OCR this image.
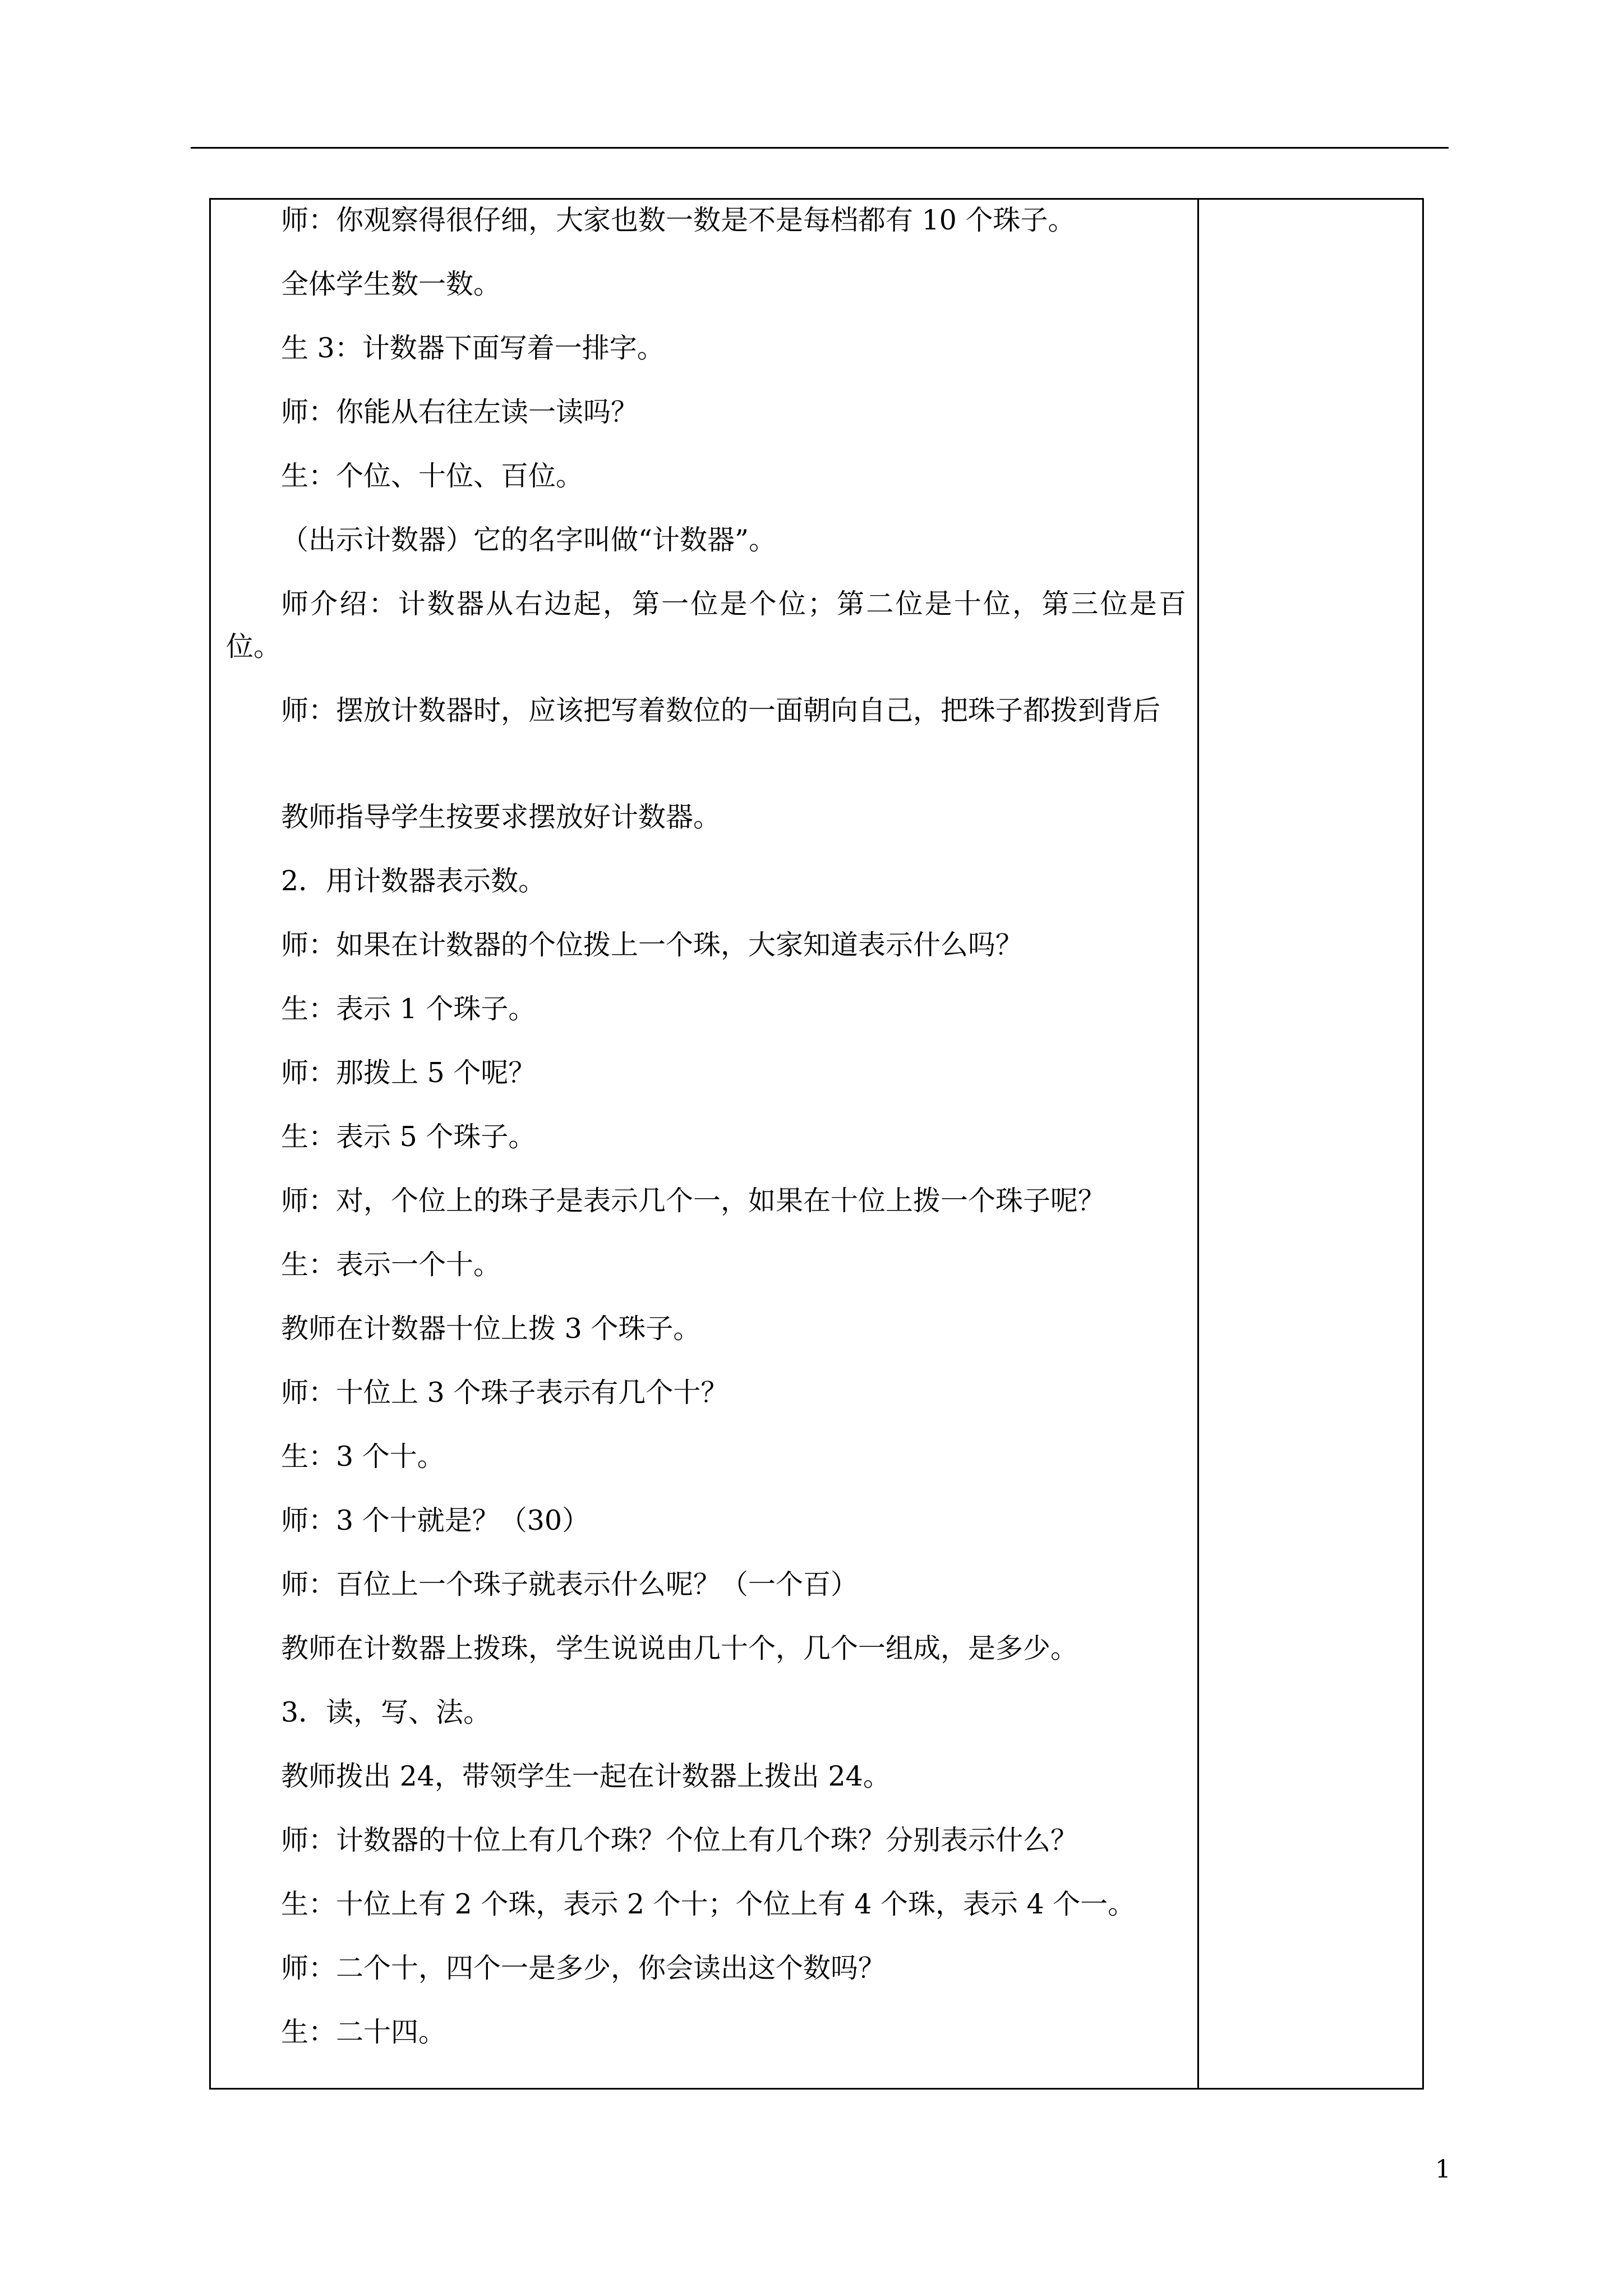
师：你观察得很仔细，大家也数一数是不是每档都有 10 个珠子。

全体学生数一数。

生 3：计数器下面写着一排字。

师：你能从右往左读一读吗？

生：个位、十位、百位。

（出示计数器）它的名字叫做“计数器”。

师介绍：计数器从右边起，第一位是个位；第二位是十位，第三位是百位。

师：摆放计数器时，应该把写着数位的一面朝向自己，把珠子都拨到背后

教师指导学生按要求摆放好计数器。

2．用计数器表示数。

师：如果在计数器的个位拨上一个珠，大家知道表示什么吗？

生：表示 1 个珠子。

师：那拨上 5 个呢？

生：表示 5 个珠子。

师：对，个位上的珠子是表示几个一，如果在十位上拨一个珠子呢？

生：表示一个十。

教师在计数器十位上拨 3 个珠子。

师：十位上 3 个珠子表示有几个十？

生：3 个十。

师：3 个十就是？（30）

师：百位上一个珠子就表示什么呢？（一个百）

教师在计数器上拨珠，学生说说由几十个，几个一组成，是多少。

3．读，写、法。

教师拨出 24，带领学生一起在计数器上拨出 24。

师：计数器的十位上有几个珠？个位上有几个珠？分别表示什么？

生：十位上有 2 个珠，表示 2 个十；个位上有 4 个珠，表示 4 个一。

师：二个十，四个一是多少，你会读出这个数吗？

生：二十四。

1
